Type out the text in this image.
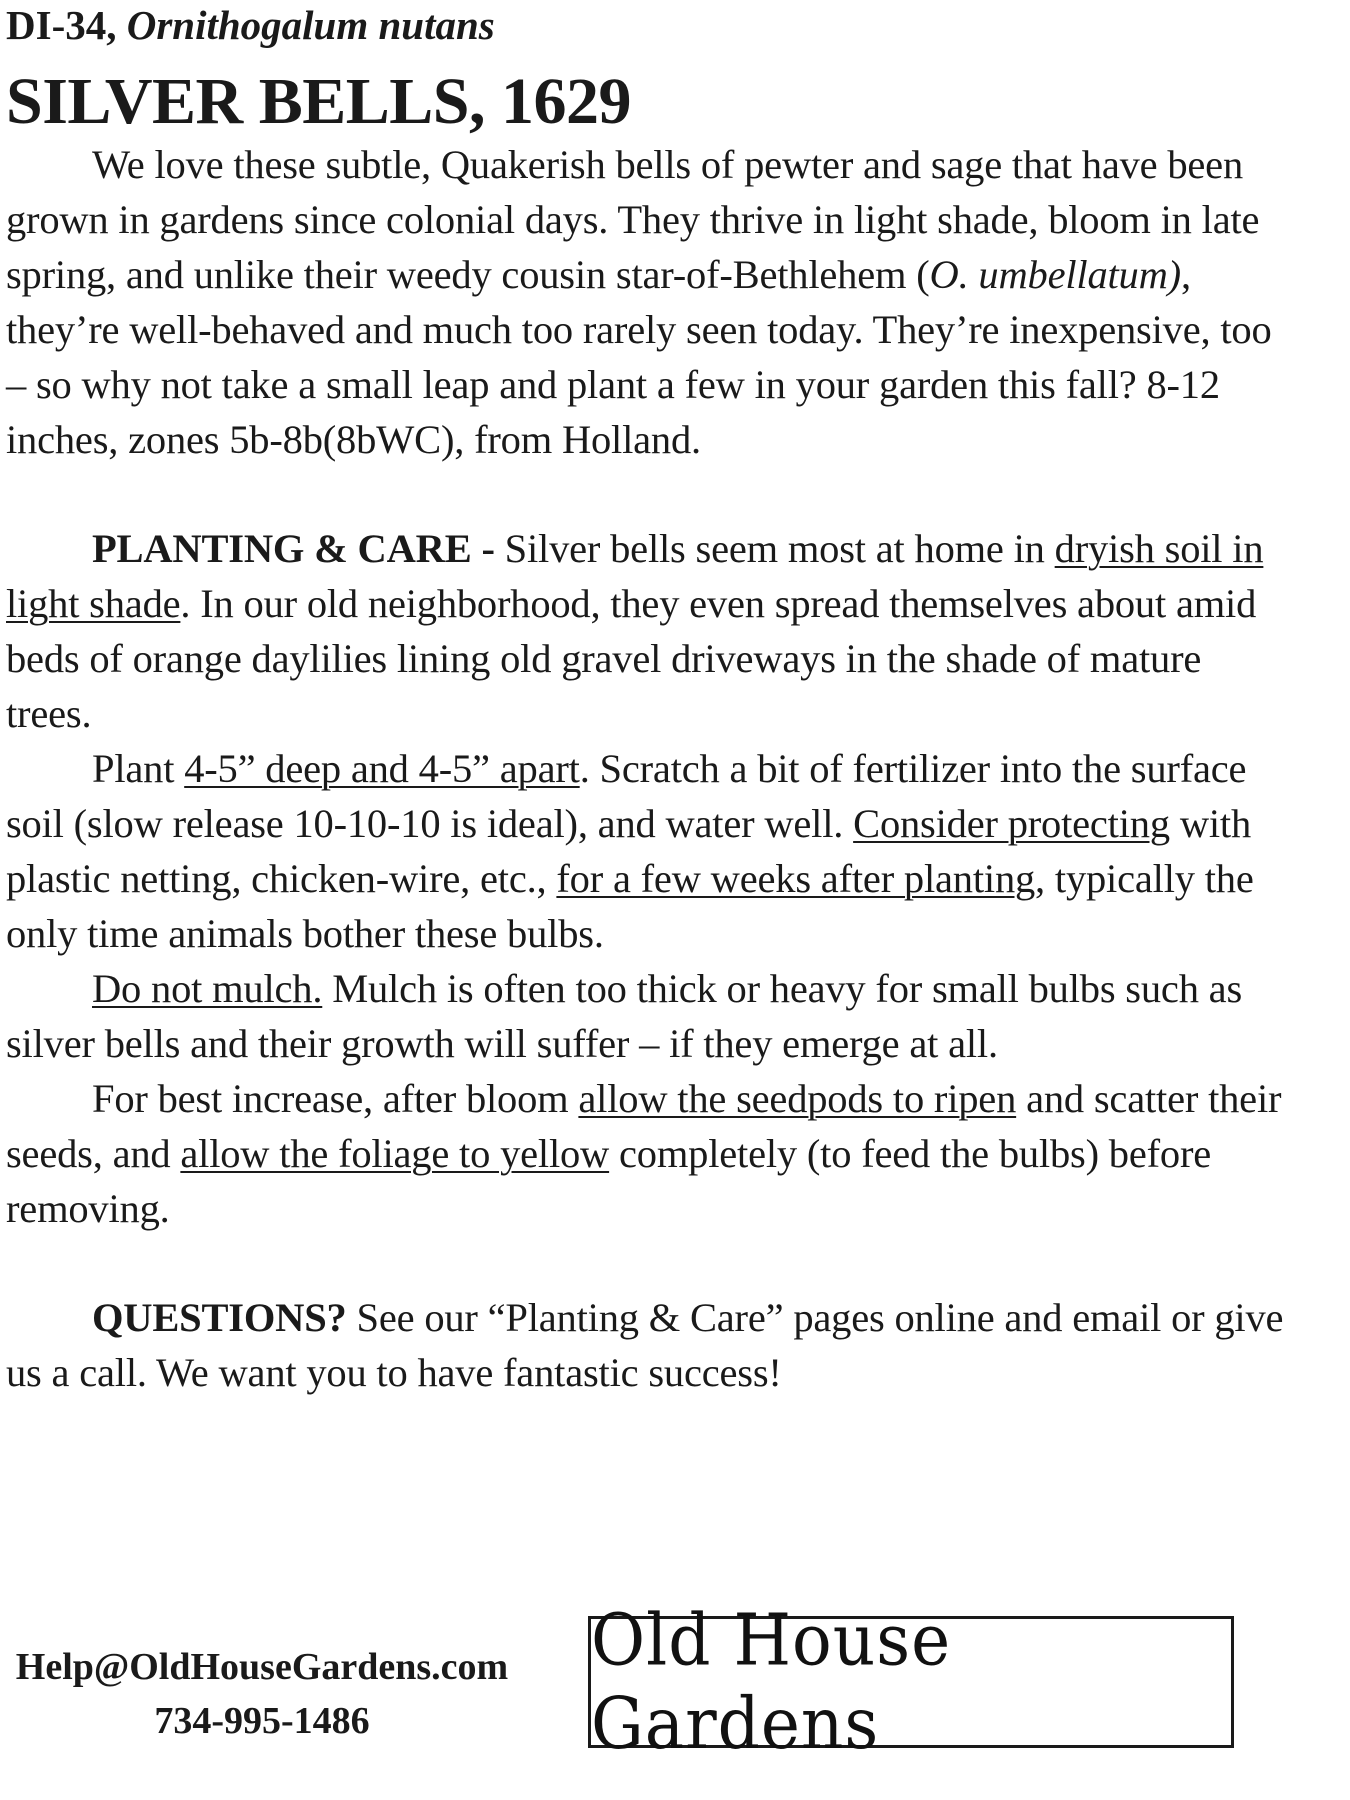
DI-34, Ornithogalum nutans
SILVER BELLS, 1629

We love these subtle, Quakerish bells of pewter and sage that have been grown in gardens since colonial days. They thrive in light shade, bloom in late spring, and unlike their weedy cousin star-of-Bethlehem (O. umbellatum), they’re well-behaved and much too rarely seen today. They’re inexpensive, too – so why not take a small leap and plant a few in your garden this fall? 8-12 inches, zones 5b-8b(8bWC), from Holland.

PLANTING & CARE - Silver bells seem most at home in dryish soil in light shade. In our old neighborhood, they even spread themselves about amid beds of orange daylilies lining old gravel driveways in the shade of mature trees.

Plant 4-5” deep and 4-5” apart. Scratch a bit of fertilizer into the surface soil (slow release 10-10-10 is ideal), and water well. Consider protecting with plastic netting, chicken-wire, etc., for a few weeks after planting, typically the only time animals bother these bulbs.

Do not mulch. Mulch is often too thick or heavy for small bulbs such as silver bells and their growth will suffer – if they emerge at all.

For best increase, after bloom allow the seedpods to ripen and scatter their seeds, and allow the foliage to yellow completely (to feed the bulbs) before removing.

QUESTIONS? See our “Planting & Care” pages online and email or give us a call. We want you to have fantastic success!

Help@OldHouseGardens.com
734-995-1486
Old House Gardens
